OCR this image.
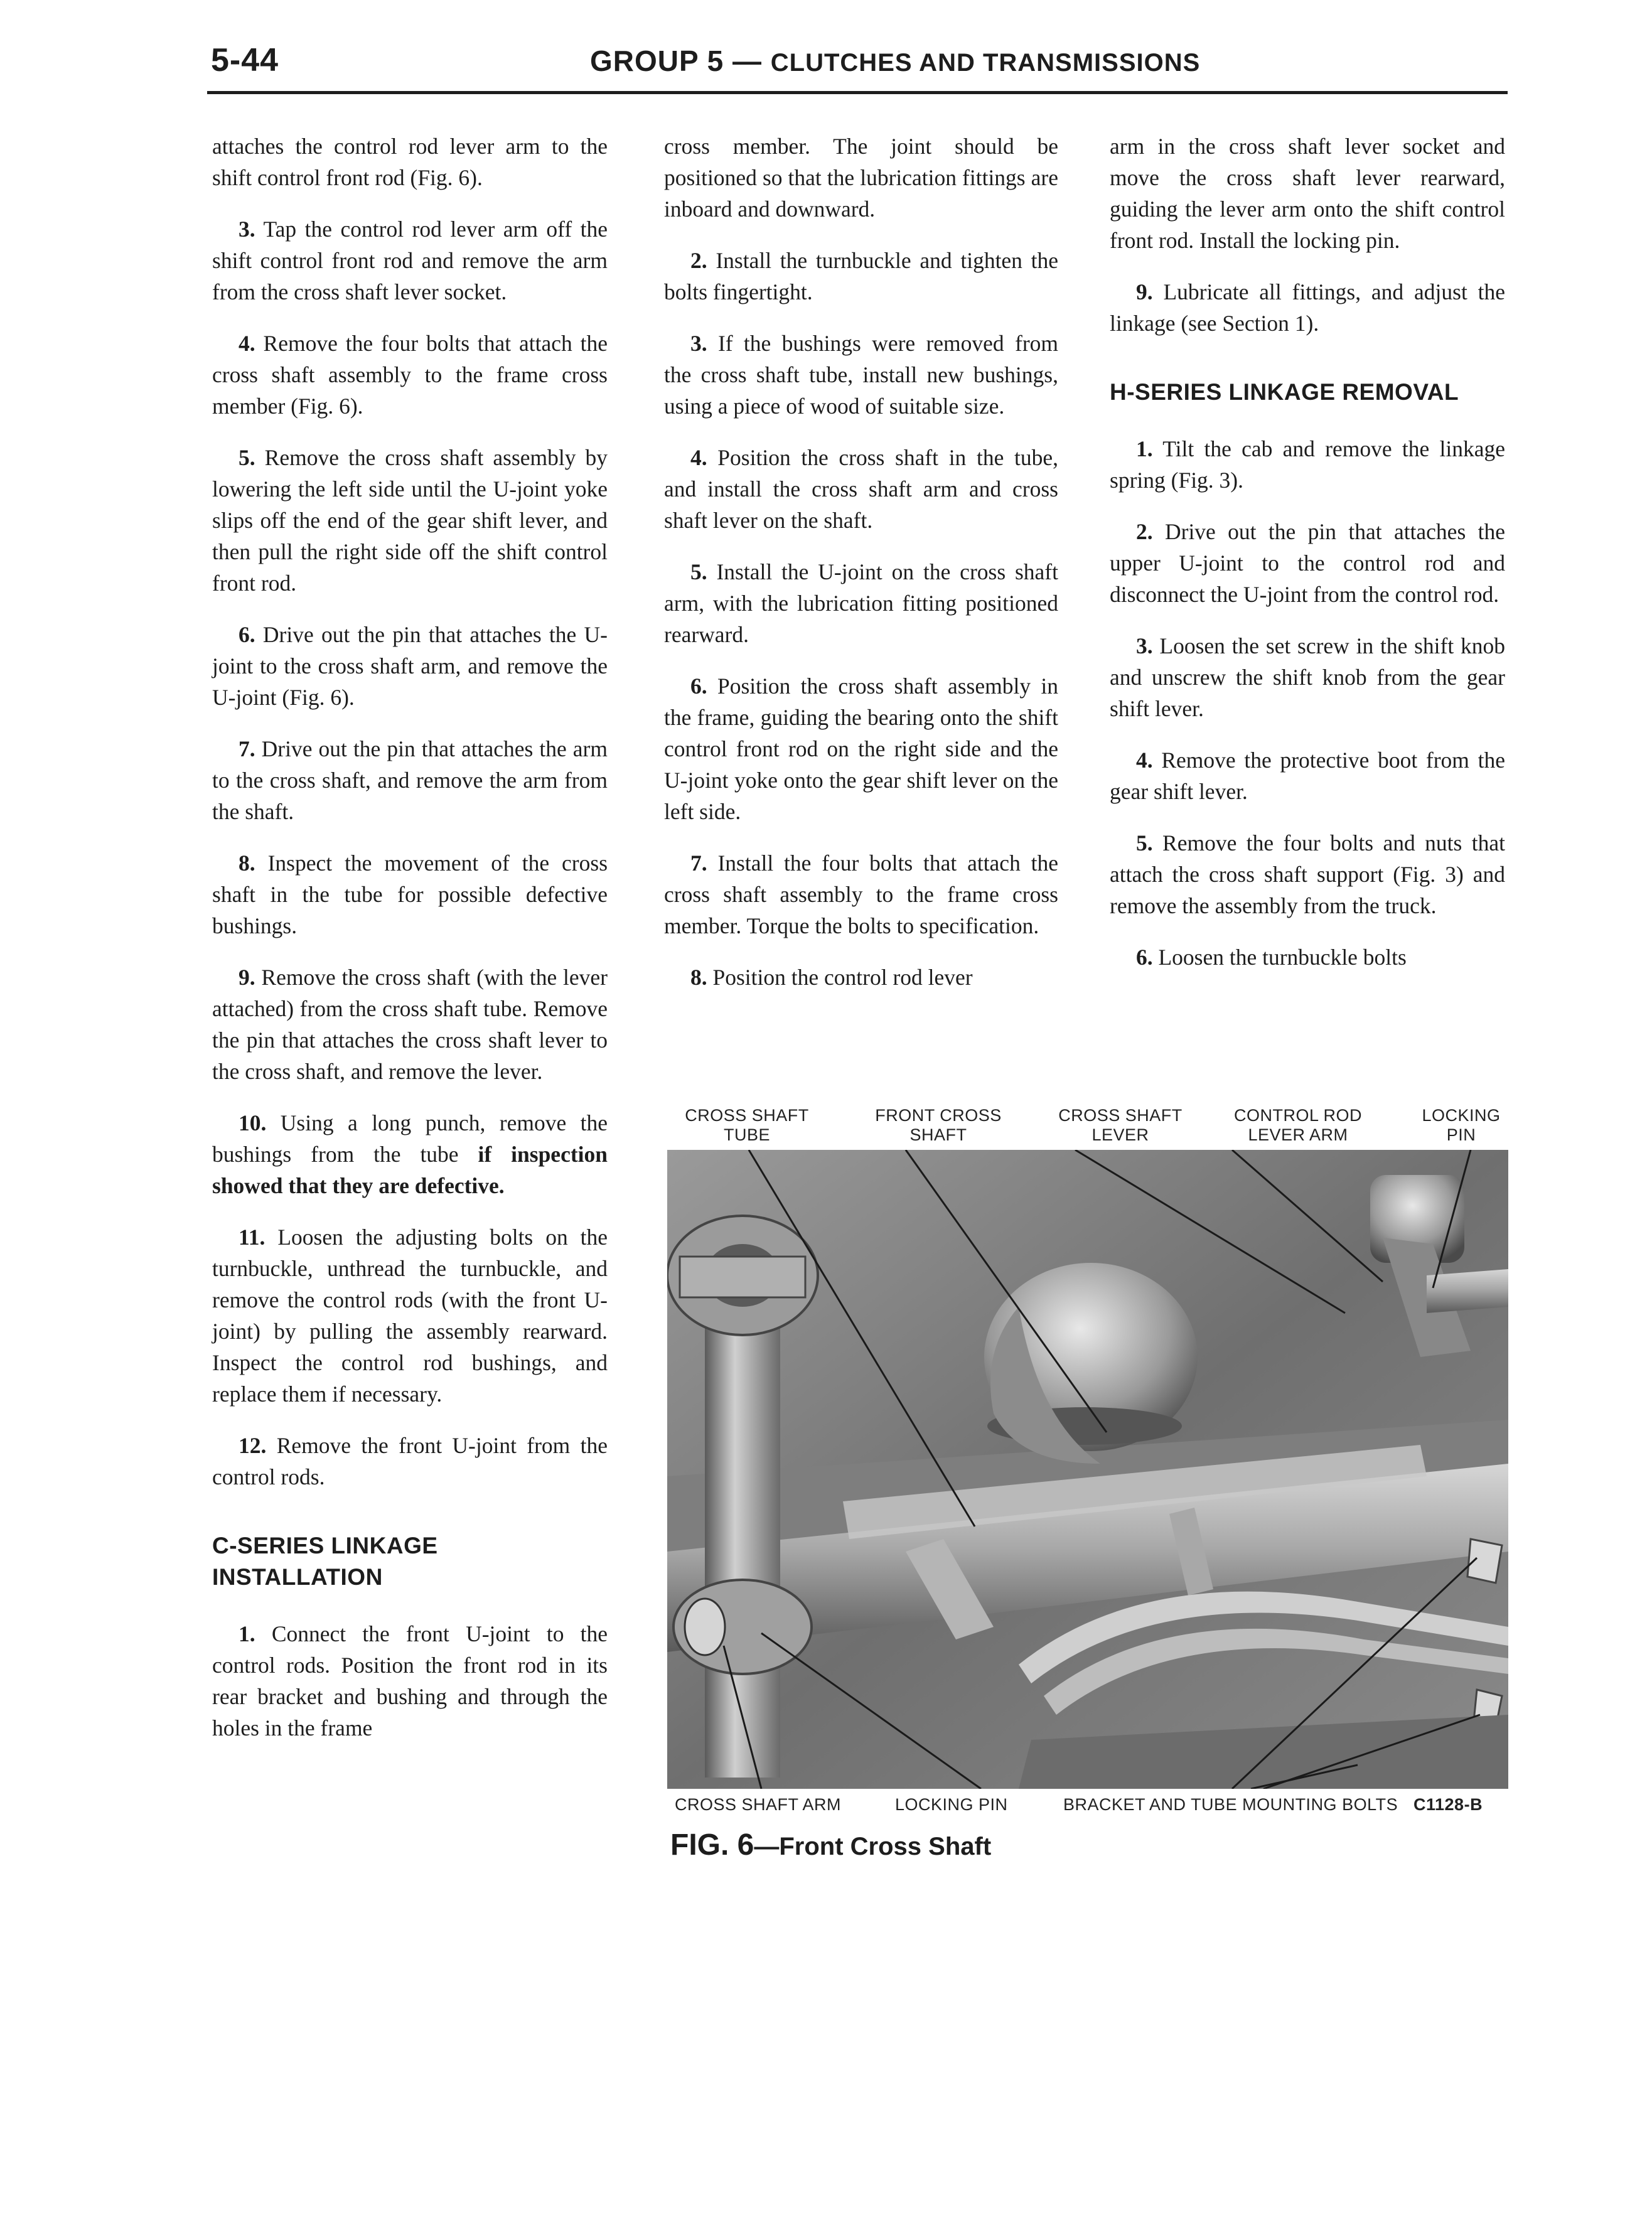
5-44	GROUP 5 — CLUTCHES AND TRANSMISSIONS

attaches the control rod lever arm to the shift control front rod (Fig. 6).

3. Tap the control rod lever arm off the shift control front rod and remove the arm from the cross shaft lever socket.

4. Remove the four bolts that attach the cross shaft assembly to the frame cross member (Fig. 6).

5. Remove the cross shaft assembly by lowering the left side until the U-joint yoke slips off the end of the gear shift lever, and then pull the right side off the shift control front rod.

6. Drive out the pin that attaches the U-joint to the cross shaft arm, and remove the U-joint (Fig. 6).

7. Drive out the pin that attaches the arm to the cross shaft, and remove the arm from the shaft.

8. Inspect the movement of the cross shaft in the tube for possible defective bushings.

9. Remove the cross shaft (with the lever attached) from the cross shaft tube. Remove the pin that attaches the cross shaft lever to the cross shaft, and remove the lever.

10. Using a long punch, remove the bushings from the tube if inspection showed that they are defective.

11. Loosen the adjusting bolts on the turnbuckle, unthread the turnbuckle, and remove the control rods (with the front U-joint) by pulling the assembly rearward. Inspect the control rod bushings, and replace them if necessary.

12. Remove the front U-joint from the control rods.

C-SERIES LINKAGE INSTALLATION

1. Connect the front U-joint to the control rods. Position the front rod in its rear bracket and bushing and through the holes in the frame

cross member. The joint should be positioned so that the lubrication fittings are inboard and downward.

2. Install the turnbuckle and tighten the bolts fingertight.

3. If the bushings were removed from the cross shaft tube, install new bushings, using a piece of wood of suitable size.

4. Position the cross shaft in the tube, and install the cross shaft arm and cross shaft lever on the shaft.

5. Install the U-joint on the cross shaft arm, with the lubrication fitting positioned rearward.

6. Position the cross shaft assembly in the frame, guiding the bearing onto the shift control front rod on the right side and the U-joint yoke onto the gear shift lever on the left side.

7. Install the four bolts that attach the cross shaft assembly to the frame cross member. Torque the bolts to specification.

8. Position the control rod lever

arm in the cross shaft lever socket and move the cross shaft lever rearward, guiding the lever arm onto the shift control front rod. Install the locking pin.

9. Lubricate all fittings, and adjust the linkage (see Section 1).

H-SERIES LINKAGE REMOVAL

1. Tilt the cab and remove the linkage spring (Fig. 3).

2. Drive out the pin that attaches the upper U-joint to the control rod and disconnect the U-joint from the control rod.

3. Loosen the set screw in the shift knob and unscrew the shift knob from the gear shift lever.

4. Remove the protective boot from the gear shift lever.

5. Remove the four bolts and nuts that attach the cross shaft support (Fig. 3) and remove the assembly from the truck.

6. Loosen the turnbuckle bolts

CROSS SHAFT
TUBE
FRONT CROSS
SHAFT
CROSS SHAFT
LEVER
CONTROL ROD
LEVER ARM
LOCKING
PIN
CROSS SHAFT ARM	LOCKING PIN	BRACKET AND TUBE MOUNTING BOLTS C1128-B
FIG. 6—Front Cross Shaft
